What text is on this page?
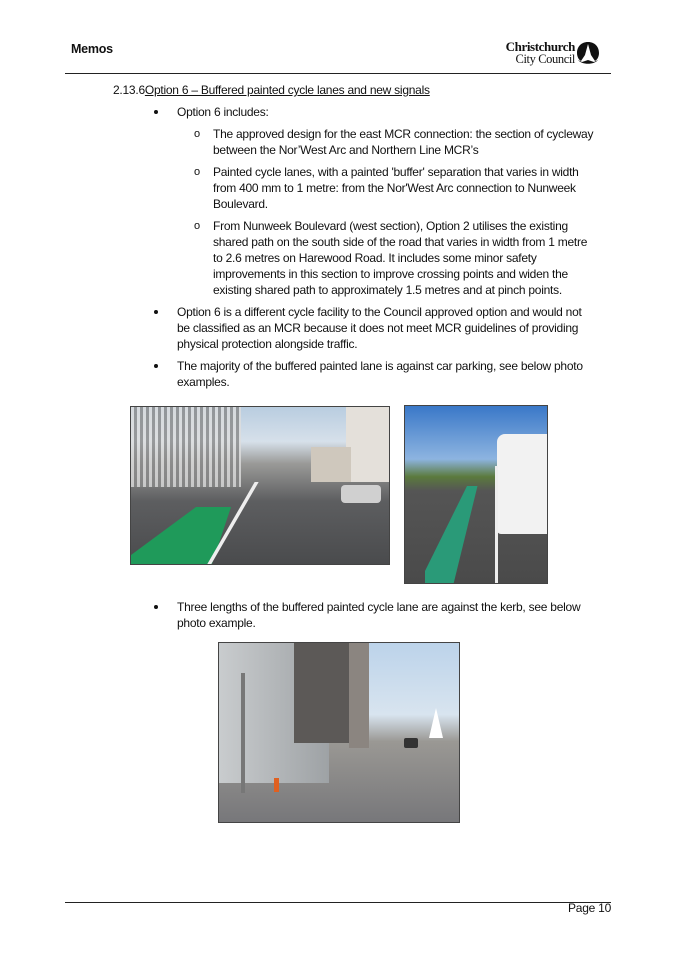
Memos	Christchurch
City Council
2.13.6Option 6 – Buffered painted cycle lanes and new signals
Option 6 includes:
o The approved design for the east MCR connection: the section of cycleway
between the Nor’West Arc and Northern Line MCR’s
o Painted cycle lanes, with a painted 'buffer' separation that varies in width
from 400 mm to 1 metre: from the Nor'West Arc connection to Nunweek
Boulevard.
o From Nunweek Boulevard (west section), Option 2 utilises the existing
shared path on the south side of the road that varies in width from 1 metre
to 2.6 metres on Harewood Road. It includes some minor safety
improvements in this section to improve crossing points and widen the
existing shared path to approximately 1.5 metres and at pinch points.
Option 6 is a different cycle facility to the Council approved option and would not
be classified as an MCR because it does not meet MCR guidelines of providing
physical protection alongside traffic.
The majority of the buffered painted lane is against car parking, see below photo
examples.
Three lengths of the buffered painted cycle lane are against the kerb, see below
photo example.
Page 10
